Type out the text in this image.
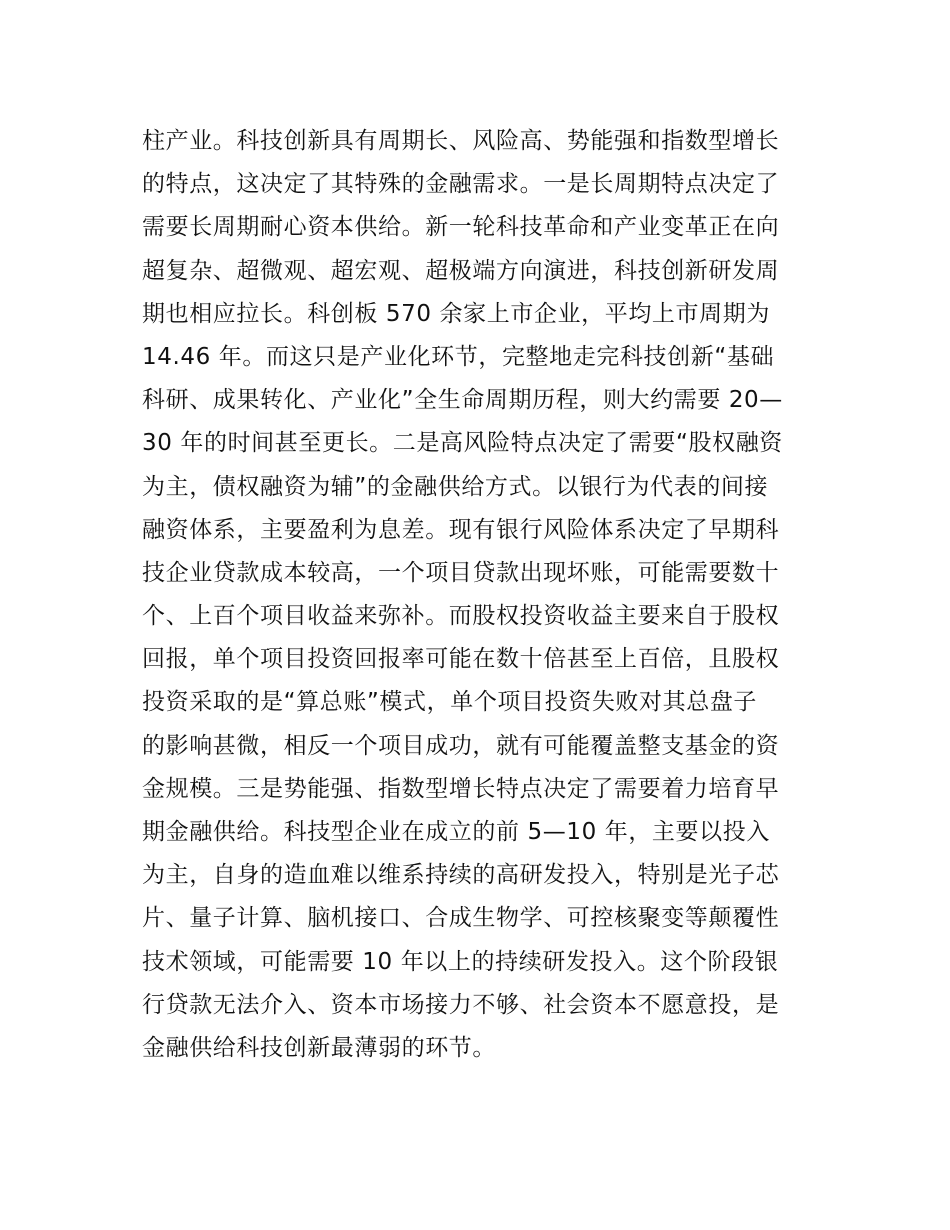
柱产业。科技创新具有周期长、风险高、势能强和指数型增长
的特点，这决定了其特殊的金融需求。一是长周期特点决定了
需要长周期耐心资本供给。新一轮科技革命和产业变革正在向
超复杂、超微观、超宏观、超极端方向演进，科技创新研发周
期也相应拉长。科创板 570 余家上市企业，平均上市周期为
14.46 年。而这只是产业化环节，完整地走完科技创新“基础
科研、成果转化、产业化”全生命周期历程，则大约需要 20—
30 年的时间甚至更长。二是高风险特点决定了需要“股权融资
为主，债权融资为辅”的金融供给方式。以银行为代表的间接
融资体系，主要盈利为息差。现有银行风险体系决定了早期科
技企业贷款成本较高，一个项目贷款出现坏账，可能需要数十
个、上百个项目收益来弥补。而股权投资收益主要来自于股权
回报，单个项目投资回报率可能在数十倍甚至上百倍，且股权
投资采取的是“算总账”模式，单个项目投资失败对其总盘子
的影响甚微，相反一个项目成功，就有可能覆盖整支基金的资
金规模。三是势能强、指数型增长特点决定了需要着力培育早
期金融供给。科技型企业在成立的前 5—10 年，主要以投入
为主，自身的造血难以维系持续的高研发投入，特别是光子芯
片、量子计算、脑机接口、合成生物学、可控核聚变等颠覆性
技术领域，可能需要 10 年以上的持续研发投入。这个阶段银
行贷款无法介入、资本市场接力不够、社会资本不愿意投，是
金融供给科技创新最薄弱的环节。
